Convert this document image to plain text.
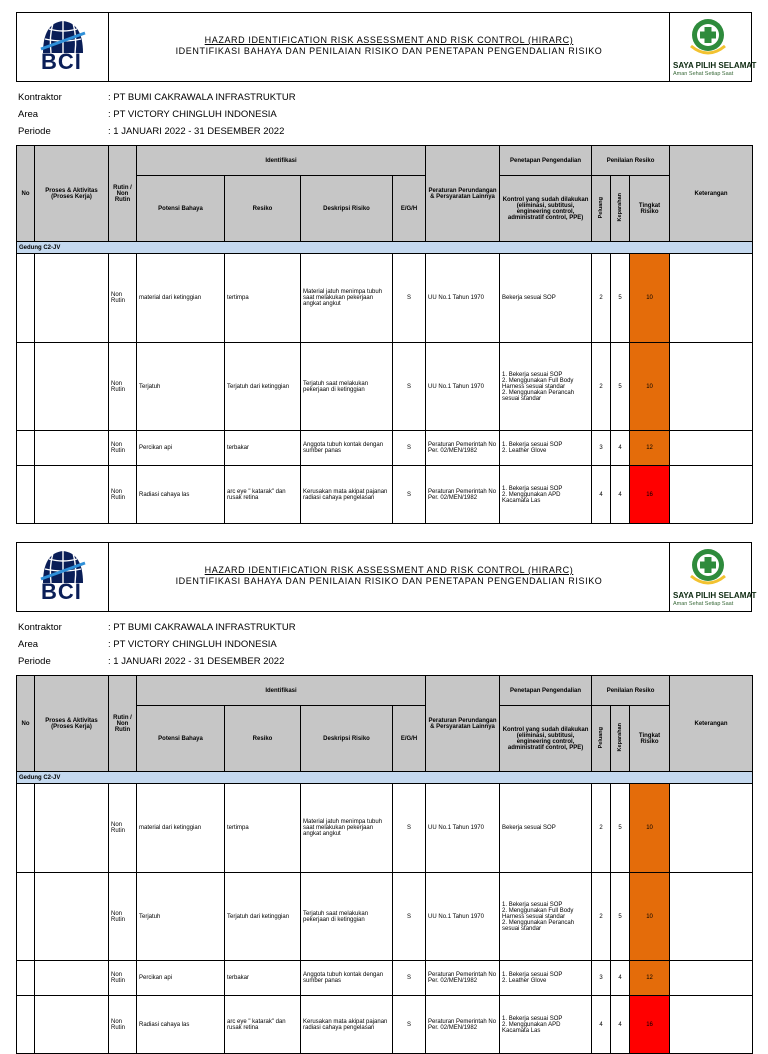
BCI
HAZARD IDENTIFICATION RISK ASSESSMENT AND RISK CONTROL (HIRARC)
IDENTIFIKASI BAHAYA DAN PENILAIAN RISIKO DAN PENETAPAN PENGENDALIAN RISIKO
SAYA PILIH SELAMAT
Aman Sehat Setiap Saat
Kontraktor	: PT BUMI CAKRAWALA INFRASTRUKTUR
Area	: PT VICTORY CHINGLUH INDONESIA
Periode	: 1 JANUARI 2022 - 31 DESEMBER 2022
No	Proses & Aktivitas (Proses Kerja)	Rutin / Non Rutin	Identifikasi				Peraturan Perundangan & Persyaratan Lainnya	Penetapan Pengendalian	Penilaian Resiko			Keterangan
			Potensi Bahaya	Resiko	Deskripsi Risiko	E/G/H		Kontrol yang sudah dilakukan (eliminasi, subtitusi, engineering control, administratif control, PPE)	Peluang	Keparahan	Tingkat Risiko	
Gedung C2-JV												
		Non Rutin	material dari ketinggian	tertimpa	Material jatuh menimpa tubuh saat melakukan pekerjaan angkat angkut	S	UU No.1 Tahun 1970	Bekerja sesuai SOP	2	5	10	
		Non Rutin	Terjatuh	Terjatuh dari ketinggian	Terjatuh saat melakukan pekerjaan di ketinggian	S	UU No.1 Tahun 1970	1. Bekerja sesuai SOP
2. Menggunakan Full Body Harness sesuai standar
2. Menggunakan Perancah sesuai standar	2	5	10	
		Non Rutin	Percikan api	terbakar	Anggota tubuh kontak dengan sumber panas	S	Peraturan Pemerintah No Per. 02/MEN/1982	1. Bekerja sesuai SOP
2. Leather Glove	3	4	12	
		Non Rutin	Radiasi cahaya las	arc eye " katarak" dan rusak retina	Kerusakan mata akipat pajanan radiasi cahaya pengelasan	S	Peraturan Pemerintah No Per. 02/MEN/1982	1. Bekerja sesuai SOP
2. Menggunakan APD Kacamata Las	4	4	16	
BCI
HAZARD IDENTIFICATION RISK ASSESSMENT AND RISK CONTROL (HIRARC)
IDENTIFIKASI BAHAYA DAN PENILAIAN RISIKO DAN PENETAPAN PENGENDALIAN RISIKO
SAYA PILIH SELAMAT
Aman Sehat Setiap Saat
Kontraktor	: PT BUMI CAKRAWALA INFRASTRUKTUR
Area	: PT VICTORY CHINGLUH INDONESIA
Periode	: 1 JANUARI 2022 - 31 DESEMBER 2022
No	Proses & Aktivitas (Proses Kerja)	Rutin / Non Rutin	Identifikasi				Peraturan Perundangan & Persyaratan Lainnya	Penetapan Pengendalian	Penilaian Resiko			Keterangan
			Potensi Bahaya	Resiko	Deskripsi Risiko	E/G/H		Kontrol yang sudah dilakukan (eliminasi, subtitusi, engineering control, administratif control, PPE)	Peluang	Keparahan	Tingkat Risiko	
Gedung C2-JV												
		Non Rutin	material dari ketinggian	tertimpa	Material jatuh menimpa tubuh saat melakukan pekerjaan angkat angkut	S	UU No.1 Tahun 1970	Bekerja sesuai SOP	2	5	10	
		Non Rutin	Terjatuh	Terjatuh dari ketinggian	Terjatuh saat melakukan pekerjaan di ketinggian	S	UU No.1 Tahun 1970	1. Bekerja sesuai SOP
2. Menggunakan Full Body Harness sesuai standar
2. Menggunakan Perancah sesuai standar	2	5	10	
		Non Rutin	Percikan api	terbakar	Anggota tubuh kontak dengan sumber panas	S	Peraturan Pemerintah No Per. 02/MEN/1982	1. Bekerja sesuai SOP
2. Leather Glove	3	4	12	
		Non Rutin	Radiasi cahaya las	arc eye " katarak" dan rusak retina	Kerusakan mata akipat pajanan radiasi cahaya pengelasan	S	Peraturan Pemerintah No Per. 02/MEN/1982	1. Bekerja sesuai SOP
2. Menggunakan APD Kacamata Las	4	4	16	
